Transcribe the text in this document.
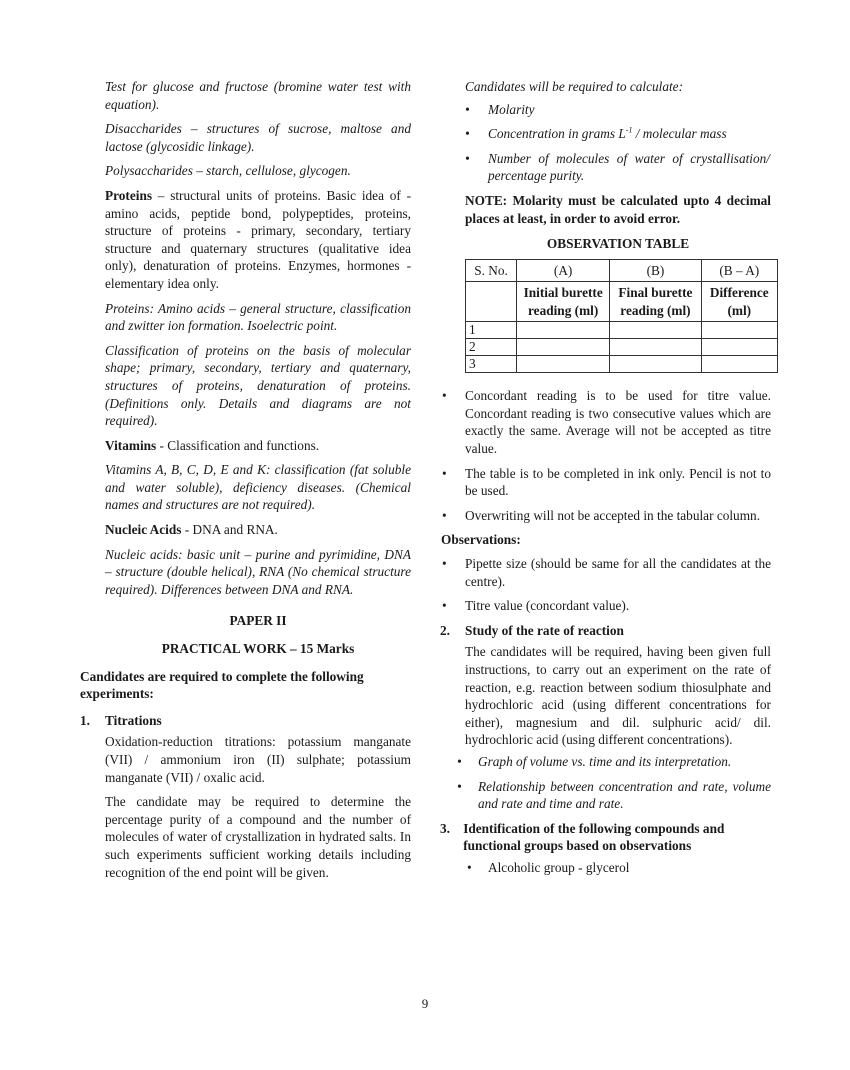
Test for glucose and fructose (bromine water test with equation).

Disaccharides – structures of sucrose, maltose and lactose (glycosidic linkage).

Polysaccharides – starch, cellulose, glycogen.

Proteins – structural units of proteins. Basic idea of - amino acids, peptide bond, polypeptides, proteins, structure of proteins - primary, secondary, tertiary structure and quaternary structures (qualitative idea only), denaturation of proteins. Enzymes, hormones - elementary idea only.

Proteins: Amino acids – general structure, classification and zwitter ion formation. Isoelectric point.

Classification of proteins on the basis of molecular shape; primary, secondary, tertiary and quaternary, structures of proteins, denaturation of proteins. (Definitions only. Details and diagrams are not required).

Vitamins - Classification and functions.

Vitamins A, B, C, D, E and K: classification (fat soluble and water soluble), deficiency diseases. (Chemical names and structures are not required).

Nucleic Acids - DNA and RNA.

Nucleic acids: basic unit – purine and pyrimidine, DNA – structure (double helical), RNA (No chemical structure required). Differences between DNA and RNA.

PAPER II

PRACTICAL WORK – 15 Marks

Candidates are required to complete the following experiments:

1.	Titrations

Oxidation-reduction titrations: potassium manganate (VII) / ammonium iron (II) sulphate; potassium manganate (VII) / oxalic acid.

The candidate may be required to determine the percentage purity of a compound and the number of molecules of water of crystallization in hydrated salts. In such experiments sufficient working details including recognition of the end point will be given.

Candidates will be required to calculate:

• Molarity
• Concentration in grams $L^{-1}$ / molecular mass
• Number of molecules of water of crystallisation/ percentage purity.

NOTE: Molarity must be calculated upto 4 decimal places at least, in order to avoid error.

OBSERVATION TABLE

S. No.	(A)	(B)	(B – A)
	Initial burette reading (ml)	Final burette reading (ml)	Difference (ml)
1			
2			
3			
• Concordant reading is to be used for titre value. Concordant reading is two consecutive values which are exactly the same. Average will not be accepted as titre value.
• The table is to be completed in ink only. Pencil is not to be used.
• Overwriting will not be accepted in the tabular column.

Observations:

• Pipette size (should be same for all the candidates at the centre).
• Titre value (concordant value).
2.	Study of the rate of reaction

The candidates will be required, having been given full instructions, to carry out an experiment on the rate of reaction, e.g. reaction between sodium thiosulphate and hydrochloric acid (using different concentrations for either), magnesium and dil. sulphuric acid/ dil. hydrochloric acid (using different concentrations).

• Graph of volume vs. time and its interpretation.
• Relationship between concentration and rate, volume and rate and time and rate.
3. Identification of the following compounds and functional groups based on observations
• Alcoholic group - glycerol
9
